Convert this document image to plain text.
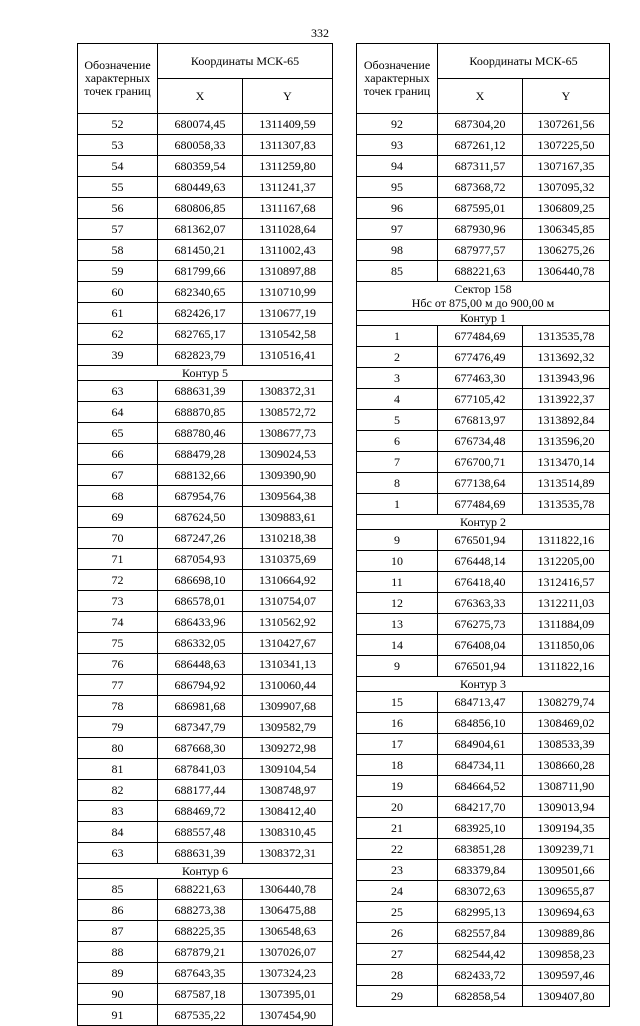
332
Обозначение характерных точек границ	Координаты МСК-65	
	X	Y
52	680074,45	1311409,59
53	680058,33	1311307,83
54	680359,54	1311259,80
55	680449,63	1311241,37
56	680806,85	1311167,68
57	681362,07	1311028,64
58	681450,21	1311002,43
59	681799,66	1310897,88
60	682340,65	1310710,99
61	682426,17	1310677,19
62	682765,17	1310542,58
39	682823,79	1310516,41

Контур 5		

63	688631,39	1308372,31
64	688870,85	1308572,72
65	688780,46	1308677,73
66	688479,28	1309024,53
67	688132,66	1309390,90
68	687954,76	1309564,38
69	687624,50	1309883,61
70	687247,26	1310218,38
71	687054,93	1310375,69
72	686698,10	1310664,92
73	686578,01	1310754,07
74	686433,96	1310562,92
75	686332,05	1310427,67
76	686448,63	1310341,13
77	686794,92	1310060,44
78	686981,68	1309907,68
79	687347,79	1309582,79
80	687668,30	1309272,98
81	687841,03	1309104,54
82	688177,44	1308748,97
83	688469,72	1308412,40
84	688557,48	1308310,45
63	688631,39	1308372,31

Контур 6		

85	688221,63	1306440,78
86	688273,38	1306475,88
87	688225,35	1306548,63
88	687879,21	1307026,07
89	687643,35	1307324,23
90	687587,18	1307395,01
91	687535,22	1307454,90
Обозначение характерных точек границ	Координаты МСК-65	
	X	Y
92	687304,20	1307261,56
93	687261,12	1307225,50
94	687311,57	1307167,35
95	687368,72	1307095,32
96	687595,01	1306809,25
97	687930,96	1306345,85
98	687977,57	1306275,26
85	688221,63	1306440,78

Сектор 158
Нбс от 875,00 м до 900,00 м		

Контур 1		

1	677484,69	1313535,78
2	677476,49	1313692,32
3	677463,30	1313943,96
4	677105,42	1313922,37
5	676813,97	1313892,84
6	676734,48	1313596,20
7	676700,71	1313470,14
8	677138,64	1313514,89
1	677484,69	1313535,78

Контур 2		

9	676501,94	1311822,16
10	676448,14	1312205,00
11	676418,40	1312416,57
12	676363,33	1312211,03
13	676275,73	1311884,09
14	676408,04	1311850,06
9	676501,94	1311822,16

Контур 3		

15	684713,47	1308279,74
16	684856,10	1308469,02
17	684904,61	1308533,39
18	684734,11	1308660,28
19	684664,52	1308711,90
20	684217,70	1309013,94
21	683925,10	1309194,35
22	683851,28	1309239,71
23	683379,84	1309501,66
24	683072,63	1309655,87
25	682995,13	1309694,63
26	682557,84	1309889,86
27	682544,42	1309858,23
28	682433,72	1309597,46
29	682858,54	1309407,80
